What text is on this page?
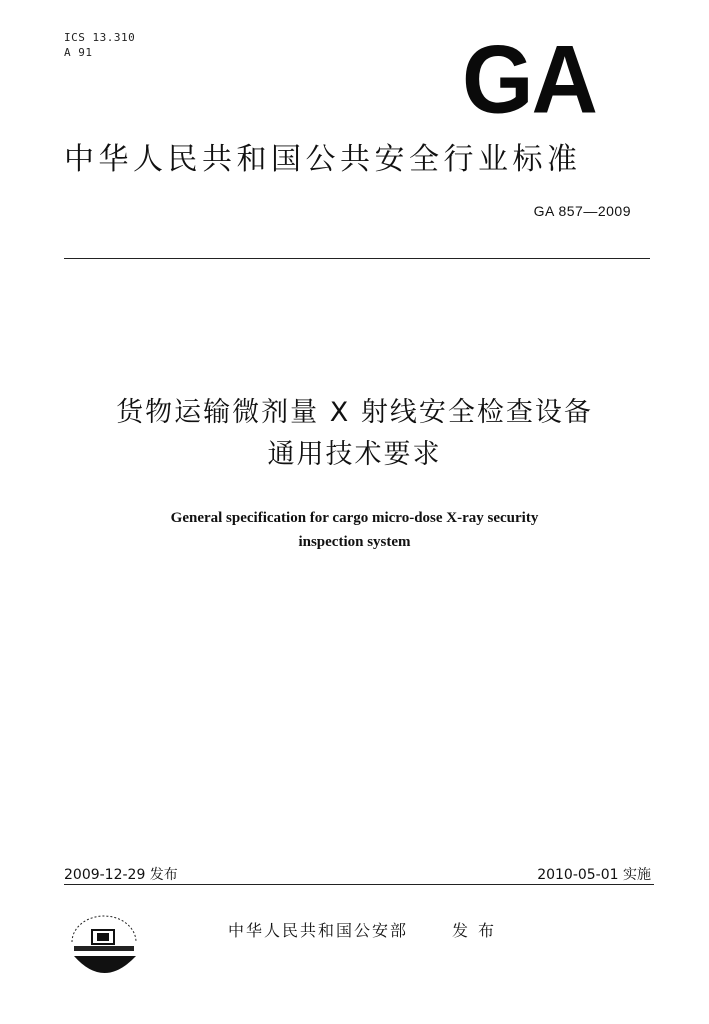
ICS 13.310
A 91	GA
中华人民共和国公共安全行业标准
GA 857—2009
货物运输微剂量 X 射线安全检查设备
通用技术要求
General specification for cargo micro-dose X-ray security
inspection system
2009-12-29 发布	2010-05-01 实施
中华人民共和国公安部	发布
